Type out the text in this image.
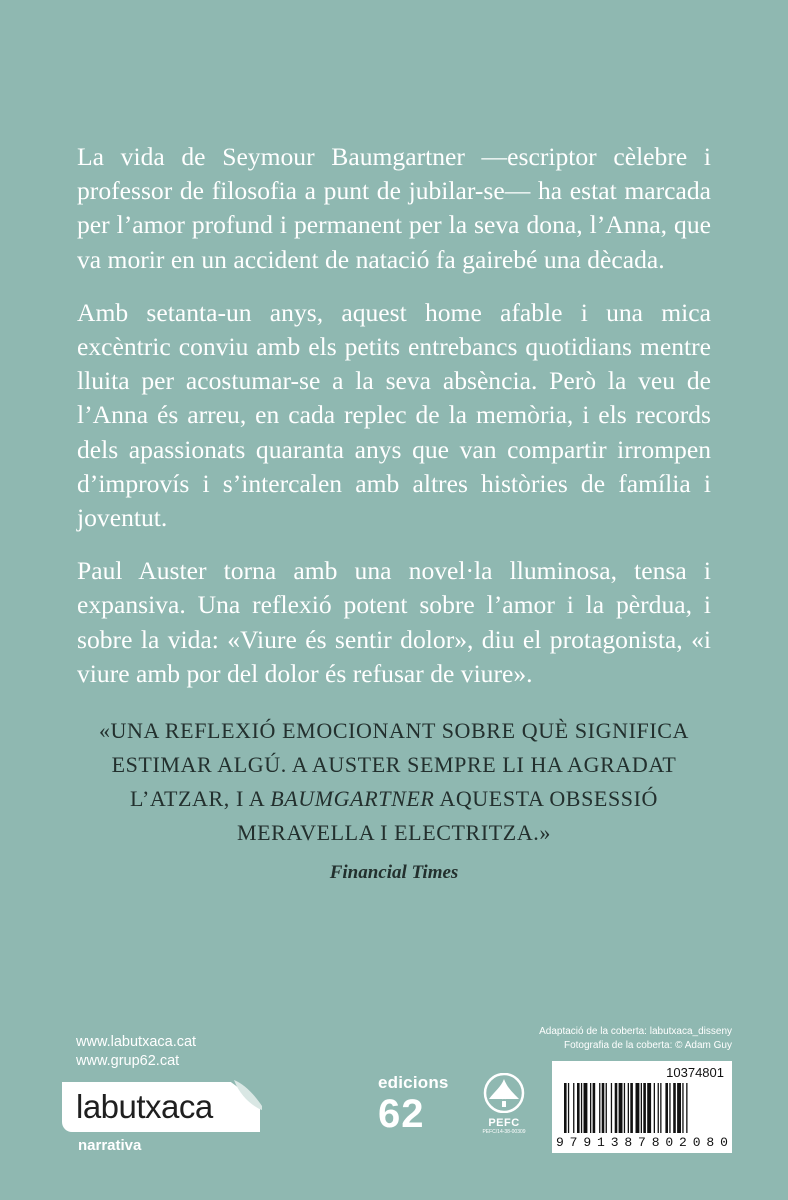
La vida de Seymour Baumgartner —escriptor cèlebre i professor de filosofia a punt de jubilar-se— ha estat marcada per l’amor profund i permanent per la seva dona, l’Anna, que va morir en un accident de natació fa gairebé una dècada.

Amb setanta-un anys, aquest home afable i una mica excèntric conviu amb els petits entrebancs quotidians mentre lluita per acostumar-se a la seva absència. Però la veu de l’Anna és arreu, en cada replec de la memòria, i els records dels apassionats quaranta anys que van compartir irrompen d’improvís i s’intercalen amb altres històries de família i joventut.

Paul Auster torna amb una novel·la lluminosa, tensa i expansiva. Una reflexió potent sobre l’amor i la pèrdua, i sobre la vida: «Viure és sentir dolor», diu el protagonista, «i viure amb por del dolor és refusar de viure».

«UNA REFLEXIÓ EMOCIONANT SOBRE QUÈ SIGNIFICA ESTIMAR ALGÚ. A AUSTER SEMPRE LI HA AGRADAT L’ATZAR, I A BAUMGARTNER AQUESTA OBSESSIÓ MERAVELLA I ELECTRITZA.»
Financial Times
www.labutxaca.cat
www.grup62.cat
labutxaca
narrativa
edicions
62	PEFC
PEFC/14-38-00309
Adaptació de la coberta: labutxaca_disseny
Fotografia de la coberta: © Adam Guy
10374801
9 7 9 1 3 8 7 8 0 2 0 8 0
